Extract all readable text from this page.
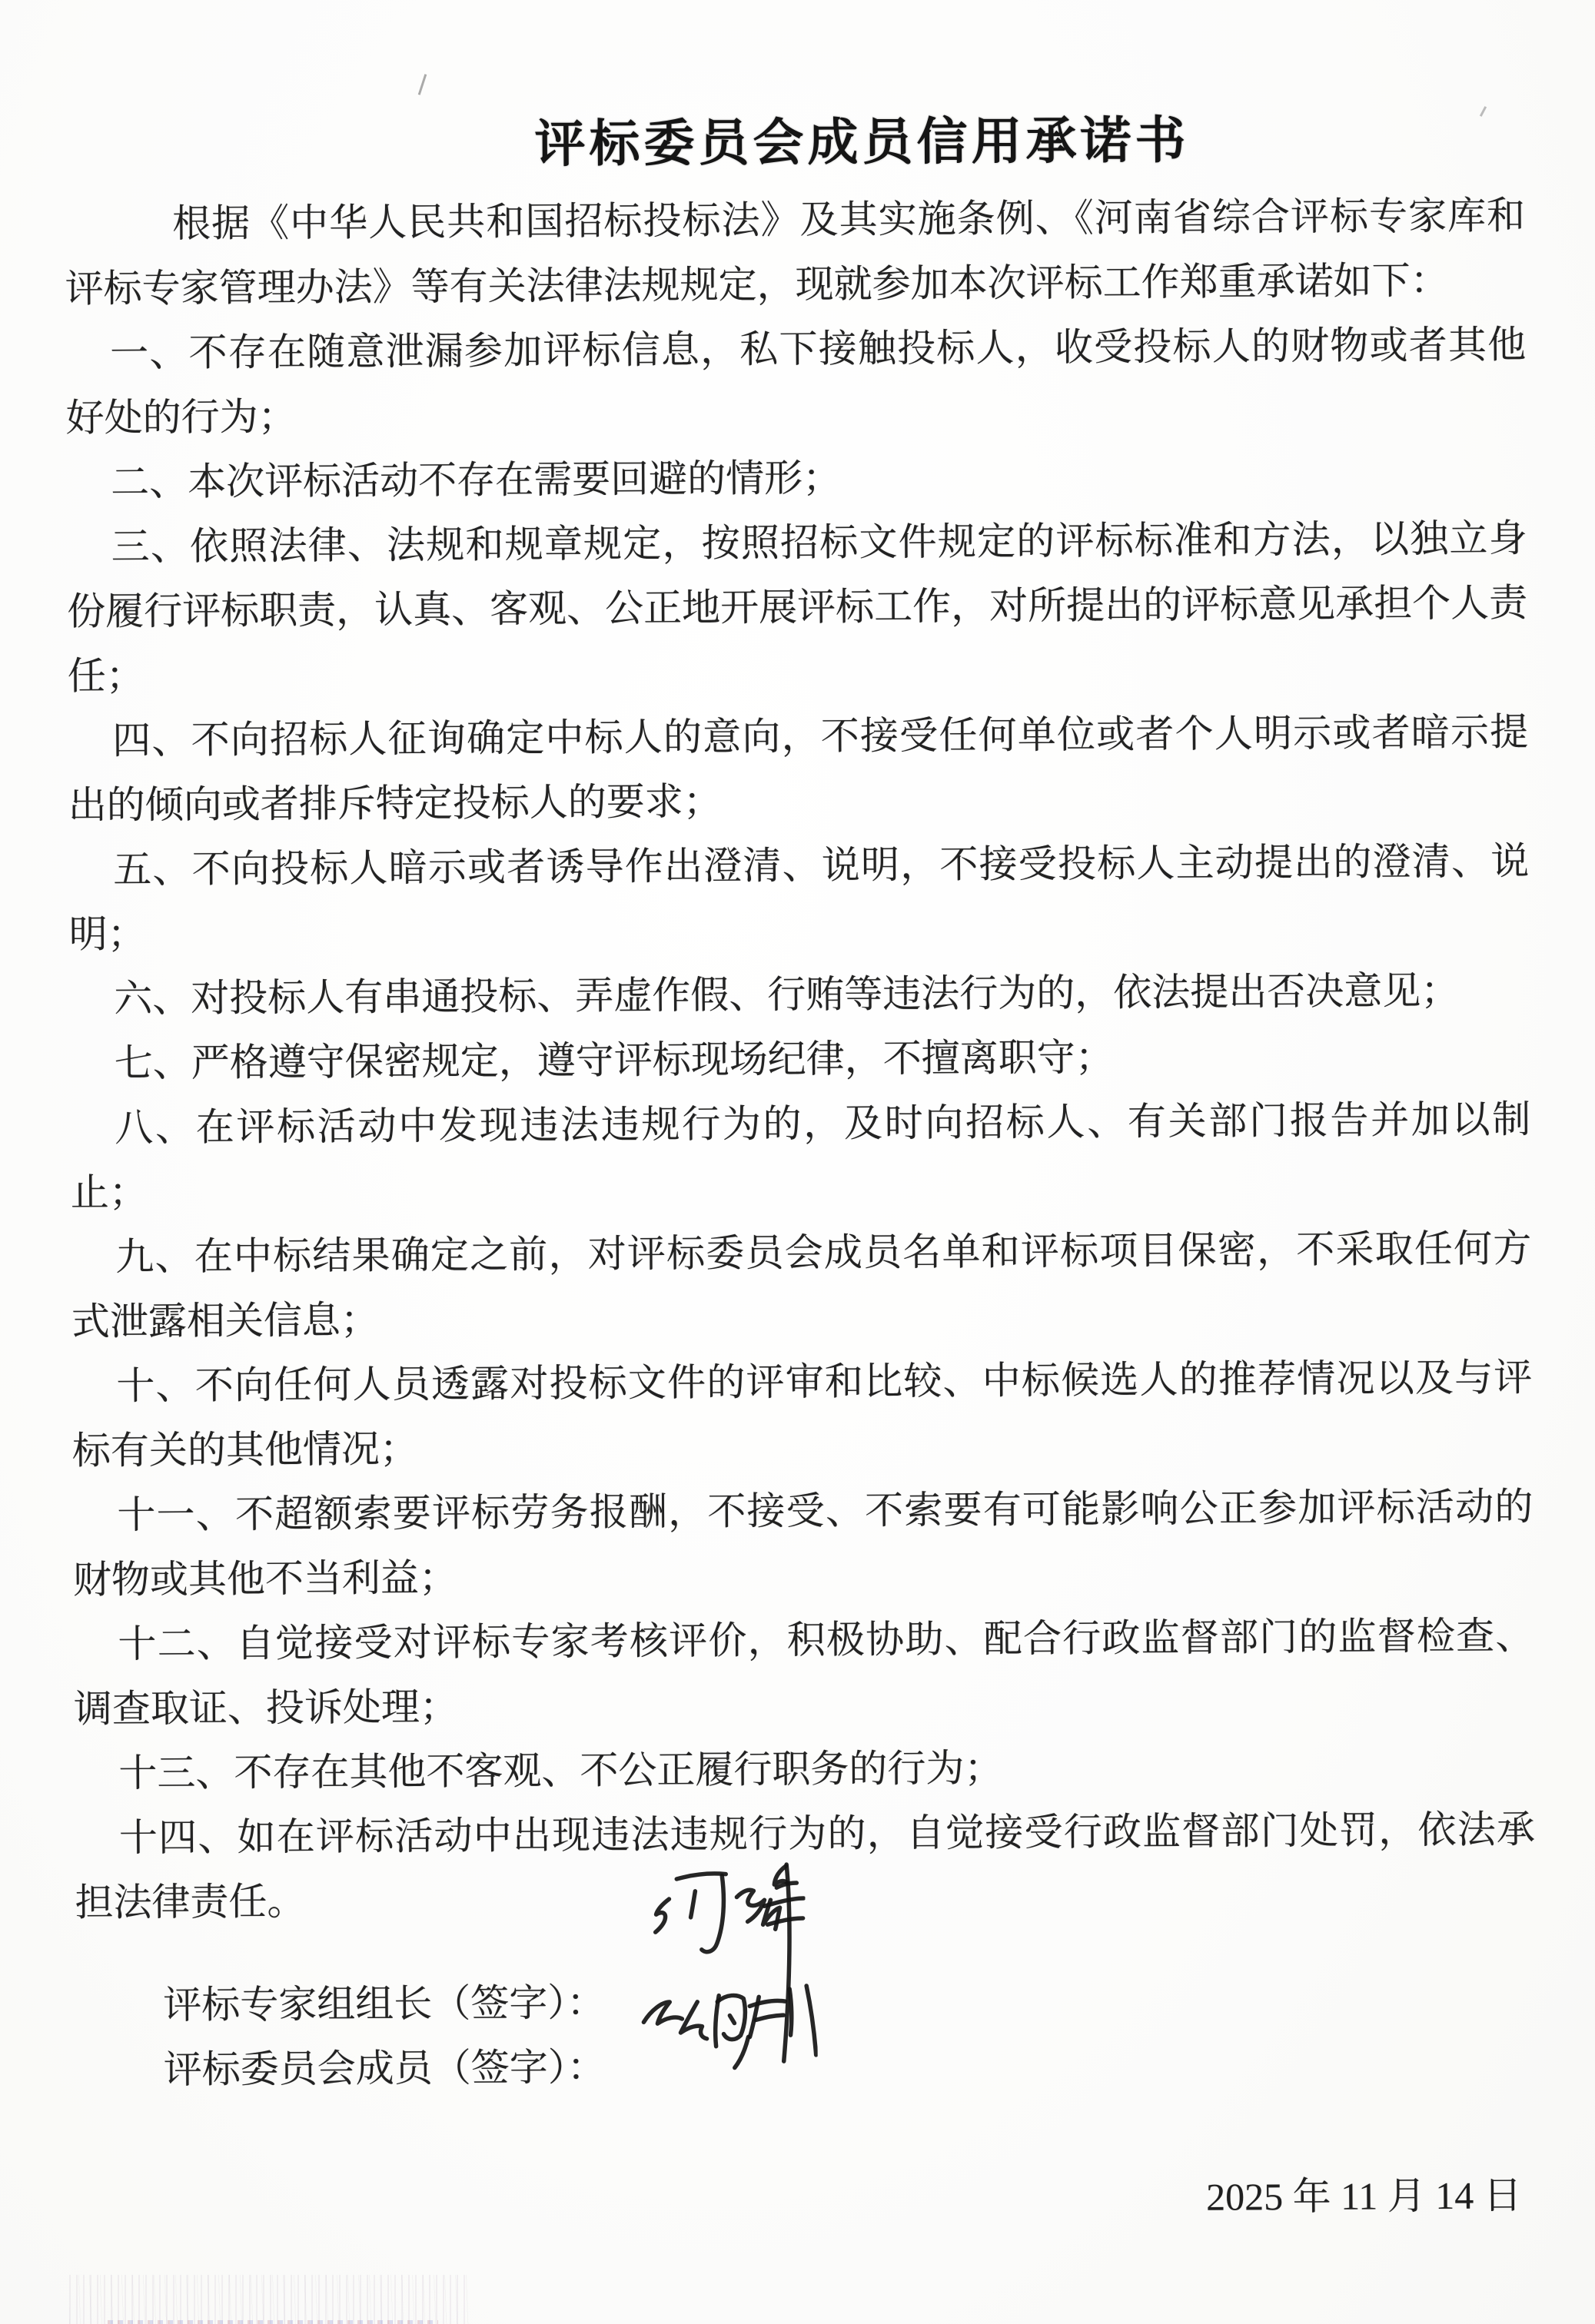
评标委员会成员信用承诺书

根据《中华人民共和国招标投标法》及其实施条例、《河南省综合评标专家库和评标专家管理办法》等有关法律法规规定，现就参加本次评标工作郑重承诺如下：

一、不存在随意泄漏参加评标信息，私下接触投标人，收受投标人的财物或者其他好处的行为；

二、本次评标活动不存在需要回避的情形；

三、依照法律、法规和规章规定，按照招标文件规定的评标标准和方法，以独立身份履行评标职责，认真、客观、公正地开展评标工作，对所提出的评标意见承担个人责任；

四、不向招标人征询确定中标人的意向，不接受任何单位或者个人明示或者暗示提出的倾向或者排斥特定投标人的要求；

五、不向投标人暗示或者诱导作出澄清、说明，不接受投标人主动提出的澄清、说明；

六、对投标人有串通投标、弄虚作假、行贿等违法行为的，依法提出否决意见；

七、严格遵守保密规定，遵守评标现场纪律，不擅离职守；

八、在评标活动中发现违法违规行为的，及时向招标人、有关部门报告并加以制止；

九、在中标结果确定之前，对评标委员会成员名单和评标项目保密，不采取任何方式泄露相关信息；

十、不向任何人员透露对投标文件的评审和比较、中标候选人的推荐情况以及与评标有关的其他情况；

十一、不超额索要评标劳务报酬，不接受、不索要有可能影响公正参加评标活动的财物或其他不当利益；

十二、自觉接受对评标专家考核评价，积极协助、配合行政监督部门的监督检查、调查取证、投诉处理；

十三、不存在其他不客观、不公正履行职务的行为；

十四、如在评标活动中出现违法违规行为的，自觉接受行政监督部门处罚，依法承担法律责任。

评标专家组组长（签字）：
评标委员会成员（签字）：
2025 年 11 月 14 日
